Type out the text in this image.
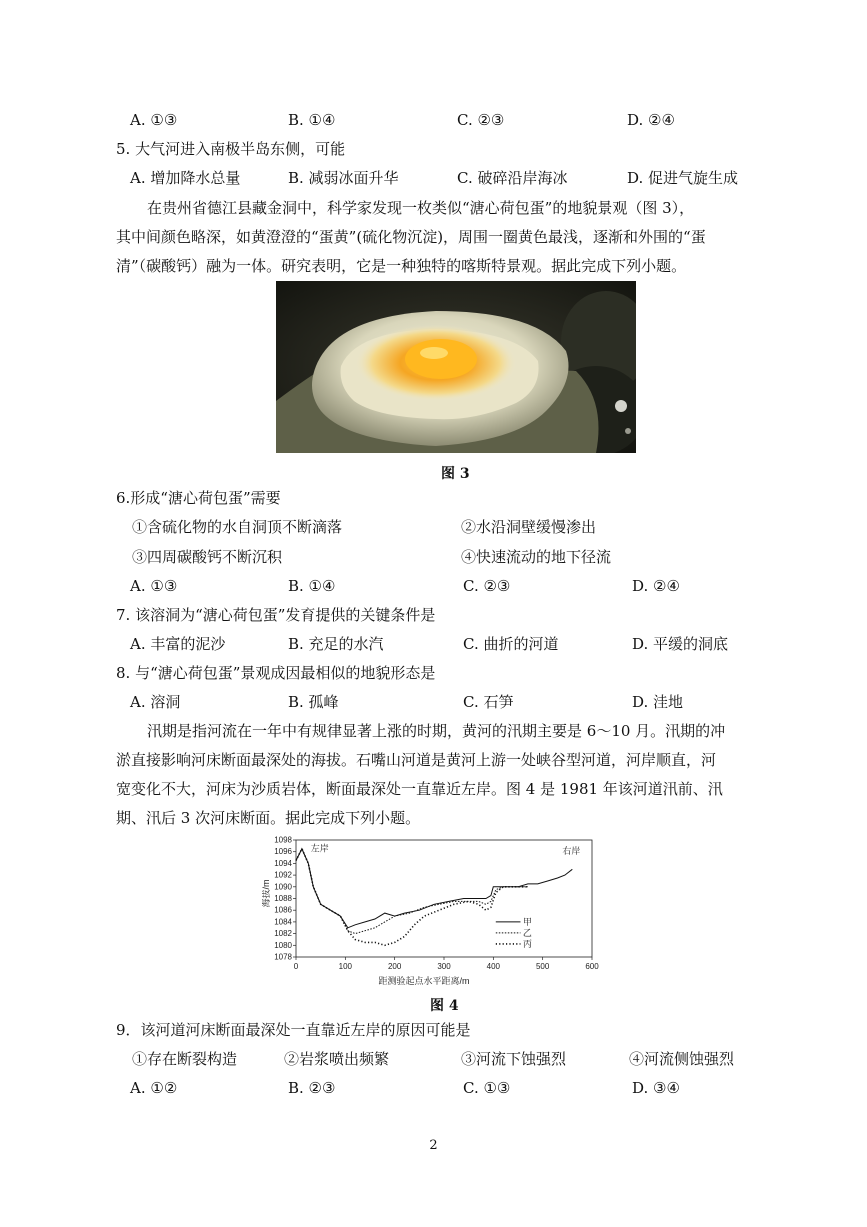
A. ①③	B. ①④	C. ②③	D. ②④
5. 大气河进入南极半岛东侧，可能
A. 增加降水总量	B. 减弱冰面升华	C. 破碎沿岸海冰	D. 促进气旋生成
在贵州省德江县藏金洞中，科学家发现一枚类似“溏心荷包蛋”的地貌景观（图 3），
其中间颜色略深，如黄澄澄的“蛋黄”(硫化物沉淀)，周围一圈黄色最浅，逐渐和外围的“蛋
清”（碳酸钙）融为一体。研究表明，它是一种独特的喀斯特景观。据此完成下列小题。
图 3
6.形成“溏心荷包蛋”需要
①含硫化物的水自洞顶不断滴落	②水沿洞壁缓慢渗出
③四周碳酸钙不断沉积	④快速流动的地下径流
A. ①③	B. ①④	C. ②③	D. ②④
7. 该溶洞为“溏心荷包蛋”发育提供的关键条件是
A. 丰富的泥沙	B. 充足的水汽	C. 曲折的河道	D. 平缓的洞底
8. 与“溏心荷包蛋”景观成因最相似的地貌形态是
A. 溶洞	B. 孤峰	C. 石笋	D. 洼地
汛期是指河流在一年中有规律显著上涨的时期，黄河的汛期主要是 6～10 月。汛期的冲
淤直接影响河床断面最深处的海拔。石嘴山河道是黄河上游一处峡谷型河道，河岸顺直，河
宽变化不大，河床为沙质岩体，断面最深处一直靠近左岸。图 4 是 1981 年该河道汛前、汛
期、汛后 3 次河床断面。据此完成下列小题。
1078
1080
1082
1084
1086
1088
1090
1092
1094
1096
1098
0	100	200	300	400	500	600
距测验起点水平距离/m
海拔/m
左岸	右岸
甲
乙
丙
图 4
9．该河道河床断面最深处一直靠近左岸的原因可能是
①存在断裂构造	②岩浆喷出频繁	③河流下蚀强烈	④河流侧蚀强烈
A. ①②	B. ②③	C. ①③	D. ③④
2
